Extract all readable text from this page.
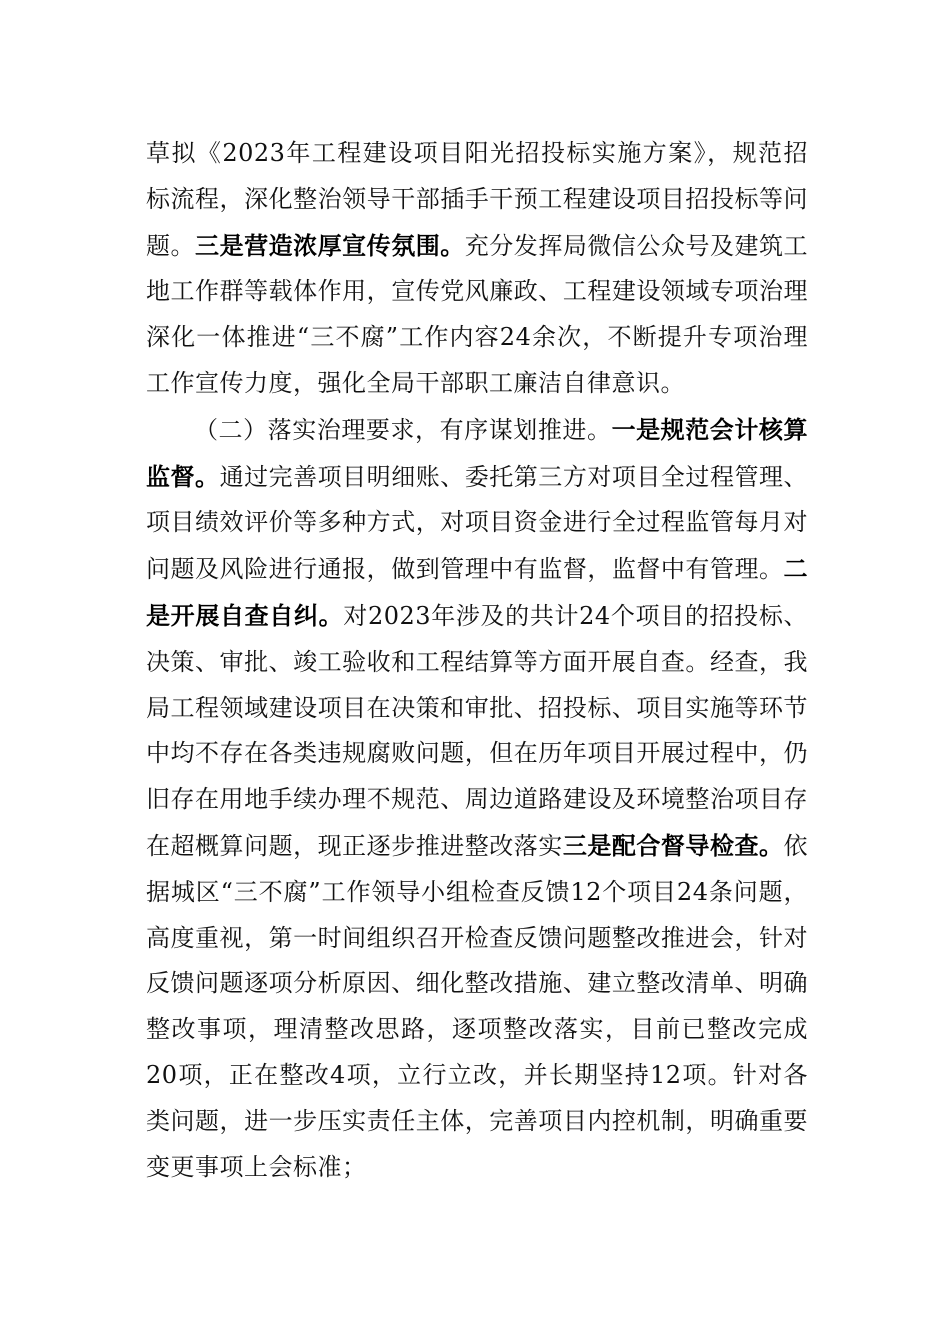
草拟《2023年工程建设项目阳光招投标实施方案》，规范招标流程，深化整治领导干部插手干预工程建设项目招投标等问题。三是营造浓厚宣传氛围。充分发挥局微信公众号及建筑工地工作群等载体作用，宣传党风廉政、工程建设领域专项治理深化一体推进“三不腐”工作内容24余次，不断提升专项治理工作宣传力度，强化全局干部职工廉洁自律意识。

（二）落实治理要求，有序谋划推进。一是规范会计核算监督。通过完善项目明细账、委托第三方对项目全过程管理、项目绩效评价等多种方式，对项目资金进行全过程监管每月对问题及风险进行通报，做到管理中有监督，监督中有管理。二是开展自查自纠。对2023年涉及的共计24个项目的招投标、决策、审批、竣工验收和工程结算等方面开展自查。经查，我局工程领域建设项目在决策和审批、招投标、项目实施等环节中均不存在各类违规腐败问题，但在历年项目开展过程中，仍旧存在用地手续办理不规范、周边道路建设及环境整治项目存在超概算问题，现正逐步推进整改落实三是配合督导检查。依据城区“三不腐”工作领导小组检查反馈12个项目24条问题，高度重视，第一时间组织召开检查反馈问题整改推进会，针对反馈问题逐项分析原因、细化整改措施、建立整改清单、明确整改事项，理清整改思路，逐项整改落实，目前已整改完成20项，正在整改4项，立行立改，并长期坚持12项。针对各类问题，进一步压实责任主体，完善项目内控机制，明确重要变更事项上会标准；
